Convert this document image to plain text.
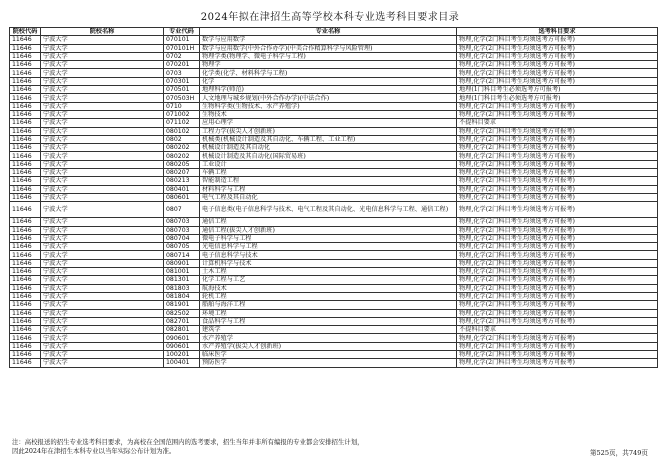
2024年拟在津招生高等学校本科专业选考科目要求目录
院校代码	院校名称	专业代码	专业名称	选考科目要求
11646	宁波大学	070101	数学与应用数学	物理,化学(2门科目考生均须选考方可报考)
11646	宁波大学	070101H	数学与应用数学(中外合作办学)(中美合作精算科学与风险管理)	物理,化学(2门科目考生均须选考方可报考)
11646	宁波大学	0702	物理学类(物理学、微电子科学与工程)	物理,化学(2门科目考生均须选考方可报考)
11646	宁波大学	070201	物理学	物理,化学(2门科目考生均须选考方可报考)
11646	宁波大学	0703	化学类(化学、材料科学与工程)	物理,化学(2门科目考生均须选考方可报考)
11646	宁波大学	070301	化学	物理,化学(2门科目考生均须选考方可报考)
11646	宁波大学	070501	地理科学(师范)	地理(1门科目考生必须选考方可报考)
11646	宁波大学	070503H	人文地理与城乡规划(中外合作办学)(中法合作)	地理(1门科目考生必须选考方可报考)
11646	宁波大学	0710	生物科学类(生物技术、水产养殖学)	物理,化学(2门科目考生均须选考方可报考)
11646	宁波大学	071002	生物技术	物理,化学(2门科目考生均须选考方可报考)
11646	宁波大学	071102	应用心理学	不提科目要求
11646	宁波大学	080102	工程力学(拔尖人才创新班)	物理,化学(2门科目考生均须选考方可报考)
11646	宁波大学	0802	机械类(机械设计制造及其自动化、车辆工程、工业工程)	物理,化学(2门科目考生均须选考方可报考)
11646	宁波大学	080202	机械设计制造及其自动化	物理,化学(2门科目考生均须选考方可报考)
11646	宁波大学	080202	机械设计制造及其自动化(国际贸易班)	物理,化学(2门科目考生均须选考方可报考)
11646	宁波大学	080205	工业设计	物理,化学(2门科目考生均须选考方可报考)
11646	宁波大学	080207	车辆工程	物理,化学(2门科目考生均须选考方可报考)
11646	宁波大学	080213	智能制造工程	物理,化学(2门科目考生均须选考方可报考)
11646	宁波大学	080401	材料科学与工程	物理,化学(2门科目考生均须选考方可报考)
11646	宁波大学	080601	电气工程及其自动化	物理,化学(2门科目考生均须选考方可报考)
11646	宁波大学	0807	电子信息类(电子信息科学与技术、电气工程及其自动化、光电信息科学与工程、通信工程)	物理,化学(2门科目考生均须选考方可报考)
11646	宁波大学	080703	通信工程	物理,化学(2门科目考生均须选考方可报考)
11646	宁波大学	080703	通信工程(拔尖人才创新班)	物理,化学(2门科目考生均须选考方可报考)
11646	宁波大学	080704	微电子科学与工程	物理,化学(2门科目考生均须选考方可报考)
11646	宁波大学	080705	光电信息科学与工程	物理,化学(2门科目考生均须选考方可报考)
11646	宁波大学	080714	电子信息科学与技术	物理,化学(2门科目考生均须选考方可报考)
11646	宁波大学	080901	计算机科学与技术	物理,化学(2门科目考生均须选考方可报考)
11646	宁波大学	081001	土木工程	物理,化学(2门科目考生均须选考方可报考)
11646	宁波大学	081301	化学工程与工艺	物理,化学(2门科目考生均须选考方可报考)
11646	宁波大学	081803	航海技术	物理,化学(2门科目考生均须选考方可报考)
11646	宁波大学	081804	轮机工程	物理,化学(2门科目考生均须选考方可报考)
11646	宁波大学	081901	船舶与海洋工程	物理,化学(2门科目考生均须选考方可报考)
11646	宁波大学	082502	环境工程	物理,化学(2门科目考生均须选考方可报考)
11646	宁波大学	082701	食品科学与工程	物理,化学(2门科目考生均须选考方可报考)
11646	宁波大学	082801	建筑学	不提科目要求
11646	宁波大学	090601	水产养殖学	物理,化学(2门科目考生均须选考方可报考)
11646	宁波大学	090601	水产养殖学(拔尖人才创新班)	物理,化学(2门科目考生均须选考方可报考)
11646	宁波大学	100201	临床医学	物理,化学(2门科目考生均须选考方可报考)
11646	宁波大学	100401	预防医学	物理,化学(2门科目考生均须选考方可报考)
注：高校报送的招生专业选考科目要求，为高校在全国范围内的选考要求，招生当年并非所有编报的专业都会安排招生计划，
因此2024年在津招生本科专业以当年实际公布计划为准。	第525页，共749页
